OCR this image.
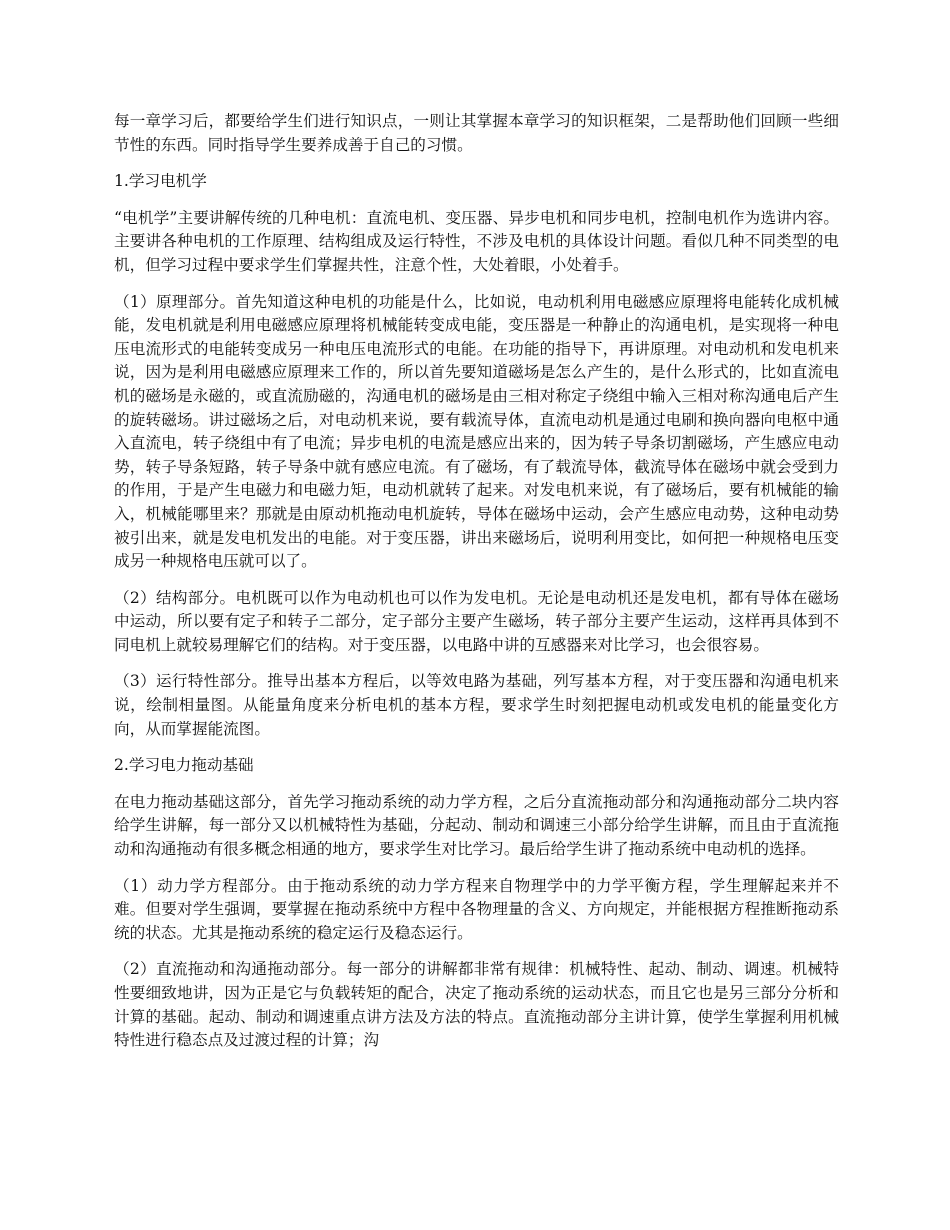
每一章学习后，都要给学生们进行知识点，一则让其掌握本章学习的知识框架，二是帮助他们回顾一些细节性的东西。同时指导学生要养成善于自己的习惯。

1.学习电机学

“电机学”主要讲解传统的几种电机：直流电机、变压器、异步电机和同步电机，控制电机作为选讲内容。主要讲各种电机的工作原理、结构组成及运行特性，不涉及电机的具体设计问题。看似几种不同类型的电机，但学习过程中要求学生们掌握共性，注意个性，大处着眼，小处着手。

（1）原理部分。首先知道这种电机的功能是什么，比如说，电动机利用电磁感应原理将电能转化成机械能，发电机就是利用电磁感应原理将机械能转变成电能，变压器是一种静止的沟通电机，是实现将一种电压电流形式的电能转变成另一种电压电流形式的电能。在功能的指导下，再讲原理。对电动机和发电机来说，因为是利用电磁感应原理来工作的，所以首先要知道磁场是怎么产生的，是什么形式的，比如直流电机的磁场是永磁的，或直流励磁的，沟通电机的磁场是由三相对称定子绕组中输入三相对称沟通电后产生的旋转磁场。讲过磁场之后，对电动机来说，要有载流导体，直流电动机是通过电刷和换向器向电枢中通入直流电，转子绕组中有了电流；异步电机的电流是感应出来的，因为转子导条切割磁场，产生感应电动势，转子导条短路，转子导条中就有感应电流。有了磁场，有了载流导体，截流导体在磁场中就会受到力的作用，于是产生电磁力和电磁力矩，电动机就转了起来。对发电机来说，有了磁场后，要有机械能的输入，机械能哪里来？那就是由原动机拖动电机旋转，导体在磁场中运动，会产生感应电动势，这种电动势被引出来，就是发电机发出的电能。对于变压器，讲出来磁场后，说明利用变比，如何把一种规格电压变成另一种规格电压就可以了。

（2）结构部分。电机既可以作为电动机也可以作为发电机。无论是电动机还是发电机，都有导体在磁场中运动，所以要有定子和转子二部分，定子部分主要产生磁场，转子部分主要产生运动，这样再具体到不同电机上就较易理解它们的结构。对于变压器，以电路中讲的互感器来对比学习，也会很容易。

（3）运行特性部分。推导出基本方程后，以等效电路为基础，列写基本方程，对于变压器和沟通电机来说，绘制相量图。从能量角度来分析电机的基本方程，要求学生时刻把握电动机或发电机的能量变化方向，从而掌握能流图。

2.学习电力拖动基础

在电力拖动基础这部分，首先学习拖动系统的动力学方程，之后分直流拖动部分和沟通拖动部分二块内容给学生讲解，每一部分又以机械特性为基础，分起动、制动和调速三小部分给学生讲解，而且由于直流拖动和沟通拖动有很多概念相通的地方，要求学生对比学习。最后给学生讲了拖动系统中电动机的选择。

（1）动力学方程部分。由于拖动系统的动力学方程来自物理学中的力学平衡方程，学生理解起来并不难。但要对学生强调，要掌握在拖动系统中方程中各物理量的含义、方向规定，并能根据方程推断拖动系统的状态。尤其是拖动系统的稳定运行及稳态运行。

（2）直流拖动和沟通拖动部分。每一部分的讲解都非常有规律：机械特性、起动、制动、调速。机械特性要细致地讲，因为正是它与负载转矩的配合，决定了拖动系统的运动状态，而且它也是另三部分分析和计算的基础。起动、制动和调速重点讲方法及方法的特点。直流拖动部分主讲计算，使学生掌握利用机械特性进行稳态点及过渡过程的计算；沟
